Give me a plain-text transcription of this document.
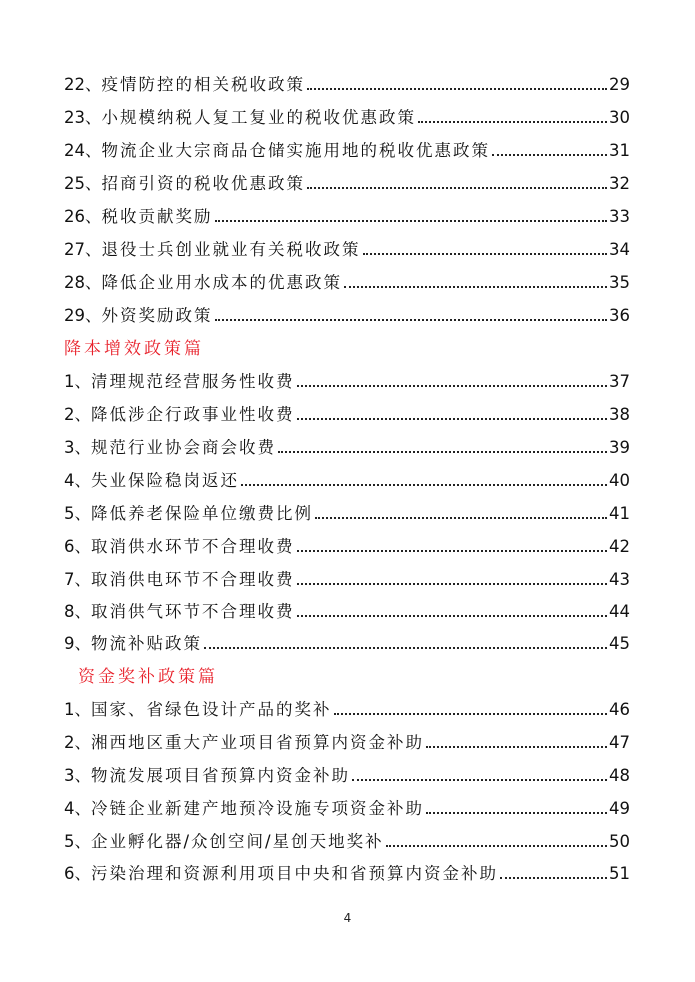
22、 疫情防控的相关税收政策	29
23、 小规模纳税人复工复业的税收优惠政策	30
24、 物流企业大宗商品仓储实施用地的税收优惠政策	31
25、 招商引资的税收优惠政策	32
26、 税收贡献奖励	33
27、 退役士兵创业就业有关税收政策	34
28、 降低企业用水成本的优惠政策	35
29、 外资奖励政策	36
降本增效政策篇
1、 清理规范经营服务性收费	37
2、 降低涉企行政事业性收费	38
3、 规范行业协会商会收费	39
4、 失业保险稳岗返还	40
5、 降低养老保险单位缴费比例	41
6、 取消供水环节不合理收费	42
7、 取消供电环节不合理收费	43
8、 取消供气环节不合理收费	44
9、 物流补贴政策	45
资金奖补政策篇
1、 国家、省绿色设计产品的奖补	46
2、 湘西地区重大产业项目省预算内资金补助	47
3、 物流发展项目省预算内资金补助	48
4、 冷链企业新建产地预冷设施专项资金补助	49
5、 企业孵化器/众创空间/星创天地奖补	50
6、 污染治理和资源利用项目中央和省预算内资金补助	51
4
